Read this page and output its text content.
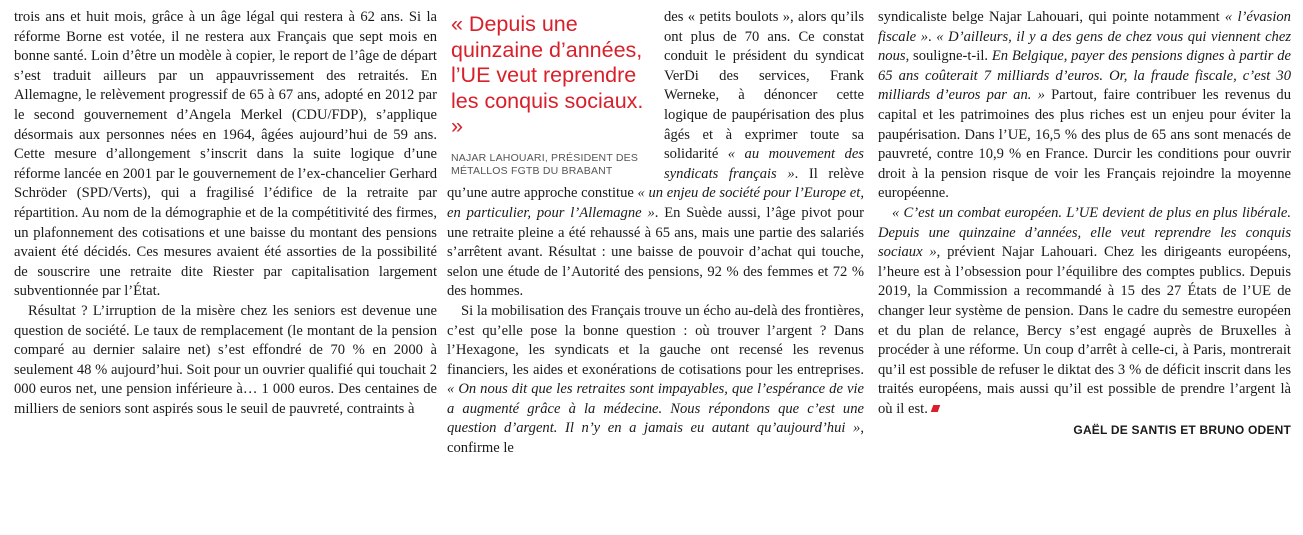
trois ans et huit mois, grâce à un âge légal qui restera à 62 ans. Si la réforme Borne est votée, il ne restera aux Français que sept mois en bonne santé. Loin d’être un modèle à copier, le report de l’âge de départ s’est traduit ailleurs par un appauvrissement des retraités. En Allemagne, le relèvement progressif de 65 à 67 ans, adopté en 2012 par le second gouvernement d’Angela Merkel (CDU/FDP), s’applique désormais aux personnes nées en 1964, âgées aujourd’hui de 59 ans. Cette mesure d’allongement s’inscrit dans la suite logique d’une réforme lancée en 2001 par le gouvernement de l’ex-chancelier Gerhard Schröder (SPD/Verts), qui a fragilisé l’édifice de la retraite par répartition. Au nom de la démographie et de la compétitivité des firmes, un plafonnement des cotisations et une baisse du montant des pensions avaient été décidés. Ces mesures avaient été assorties de la possibilité de souscrire une retraite dite Riester par capitalisation largement subventionnée par l’État.

Résultat ? L’irruption de la misère chez les seniors est devenue une question de société. Le taux de remplacement (le montant de la pension comparé au dernier salaire net) s’est effondré de 70 % en 2000 à seulement 48 % aujourd’hui. Soit pour un ouvrier qualifié qui touchait 2 000 euros net, une pension inférieure à… 1 000 euros. Des centaines de milliers de seniors sont aspirés sous le seuil de pauvreté, contraints à

« Depuis une quinzaine d’années, l’UE veut reprendre les conquis sociaux. »
NAJAR LAHOUARI, PRÉSIDENT DES MÉTALLOS FGTB DU BRABANT

des « petits boulots », alors qu’ils ont plus de 70 ans. Ce constat conduit le président du syndicat VerDi des services, Frank Werneke, à dénoncer cette logique de paupérisation des plus âgés et à exprimer toute sa solidarité « au mouvement des syndicats français ». Il relève qu’une autre approche constitue « un enjeu de société pour l’Europe et, en particulier, pour l’Allemagne ». En Suède aussi, l’âge pivot pour une retraite pleine a été rehaussé à 65 ans, mais une partie des salariés s’arrêtent avant. Résultat : une baisse de pouvoir d’achat qui touche, selon une étude de l’Autorité des pensions, 92 % des femmes et 72 % des hommes.

Si la mobilisation des Français trouve un écho au-delà des frontières, c’est qu’elle pose la bonne question : où trouver l’argent ? Dans l’Hexagone, les syndicats et la gauche ont recensé les revenus financiers, les aides et exonérations de cotisations pour les entreprises. « On nous dit que les retraites sont impayables, que l’espérance de vie a augmenté grâce à la médecine. Nous répondons que c’est une question d’argent. Il n’y en a jamais eu autant qu’aujourd’hui », confirme le

syndicaliste belge Najar Lahouari, qui pointe notamment « l’évasion fiscale ». « D’ailleurs, il y a des gens de chez vous qui viennent chez nous, souligne-t-il. En Belgique, payer des pensions dignes à partir de 65 ans coûterait 7 milliards d’euros. Or, la fraude fiscale, c’est 30 milliards d’euros par an. » Partout, faire contribuer les revenus du capital et les patrimoines des plus riches est un enjeu pour éviter la paupérisation. Dans l’UE, 16,5 % des plus de 65 ans sont menacés de pauvreté, contre 10,9 % en France. Durcir les conditions pour ouvrir droit à la pension risque de voir les Français rejoindre la moyenne européenne.

« C’est un combat européen. L’UE devient de plus en plus libérale. Depuis une quinzaine d’années, elle veut reprendre les conquis sociaux », prévient Najar Lahouari. Chez les dirigeants européens, l’heure est à l’obsession pour l’équilibre des comptes publics. Depuis 2019, la Commission a recommandé à 15 des 27 États de l’UE de changer leur système de pension. Dans le cadre du semestre européen et du plan de relance, Bercy s’est engagé auprès de Bruxelles à procéder à une réforme. Un coup d’arrêt à celle-ci, à Paris, montrerait qu’il est possible de refuser le diktat des 3 % de déficit inscrit dans les traités européens, mais aussi qu’il est possible de prendre l’argent là où il est.

GAËL DE SANTIS ET BRUNO ODENT
